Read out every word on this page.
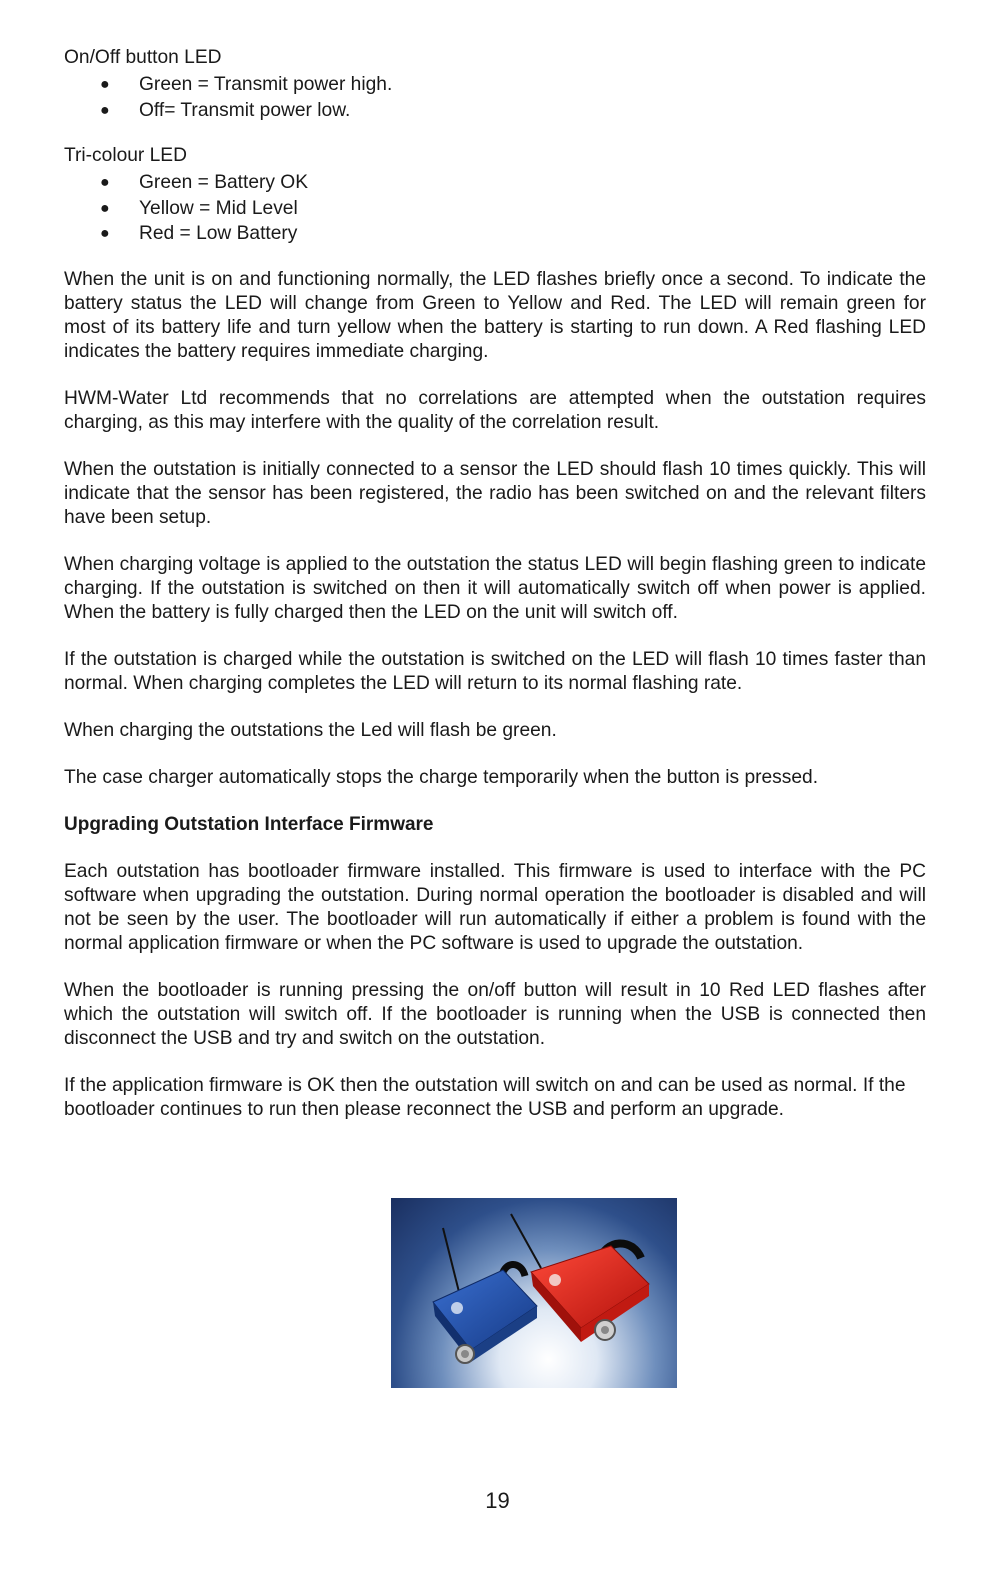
On/Off button LED

● Green = Transmit power high.
● Off= Transmit power low.

Tri-colour LED

● Green = Battery OK
● Yellow = Mid Level
● Red = Low Battery

When the unit is on and functioning normally, the LED flashes briefly once a second. To indicate the battery status the LED will change from Green to Yellow and Red. The LED will remain green for most of its battery life and turn yellow when the battery is starting to run down. A Red flashing LED indicates the battery requires immediate charging.

HWM-Water Ltd recommends that no correlations are attempted when the outstation requires charging, as this may interfere with the quality of the correlation result.

When the outstation is initially connected to a sensor the LED should flash 10 times quickly. This will indicate that the sensor has been registered, the radio has been switched on and the relevant filters have been setup.

When charging voltage is applied to the outstation the status LED will begin flashing green to indicate charging. If the outstation is switched on then it will automatically switch off when power is applied. When the battery is fully charged then the LED on the unit will switch off.

If the outstation is charged while the outstation is switched on the LED will flash 10 times faster than normal. When charging completes the LED will return to its normal flashing rate.

When charging the outstations the Led will flash be green.

The case charger automatically stops the charge temporarily when the button is pressed.

Upgrading Outstation Interface Firmware

Each outstation has bootloader firmware installed. This firmware is used to interface with the PC software when upgrading the outstation. During normal operation the bootloader is disabled and will not be seen by the user. The bootloader will run automatically if either a problem is found with the normal application firmware or when the PC software is used to upgrade the outstation.

When the bootloader is running pressing the on/off button will result in 10 Red LED flashes after which the outstation will switch off. If the bootloader is running when the USB is connected then disconnect the USB and try and switch on the outstation.

If the application firmware is OK then the outstation will switch on and can be used as normal. If the bootloader continues to run then please reconnect the USB and perform an upgrade.

19
